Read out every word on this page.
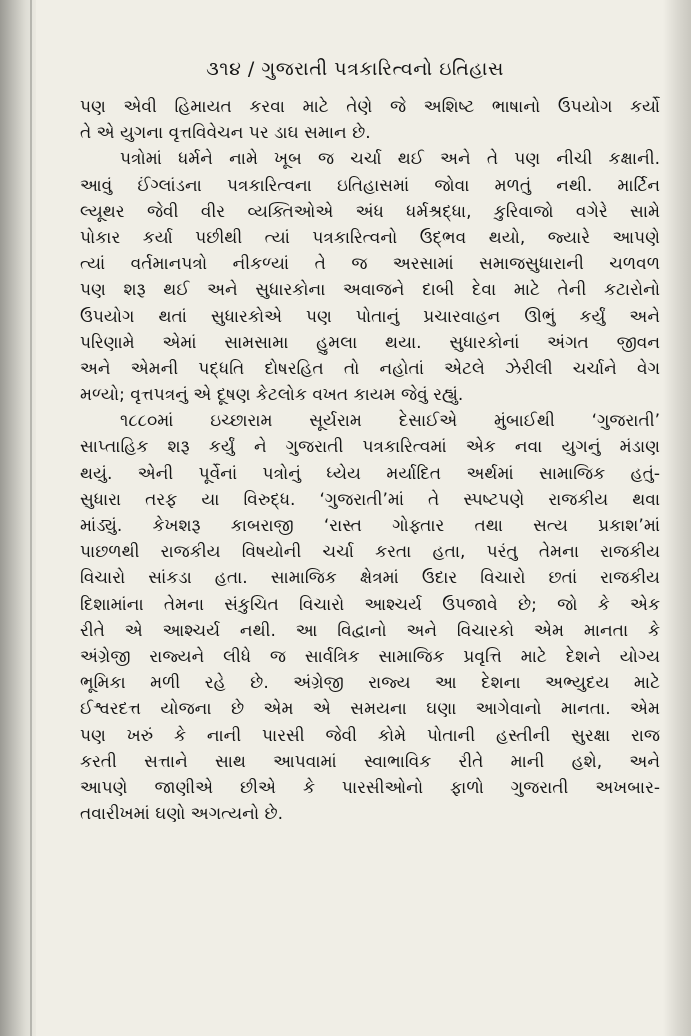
૩૧૪ / ગુજરાતી પત્રકારિત્વનો ઇતિહાસ
પણ એવી હિમાયત કરવા માટે તેણે જે અશિષ્ટ ભાષાનો ઉપયોગ કર્યો
તે એ યુગના વૃત્તવિવેચન પર ડાઘ સમાન છે.
પત્રોમાં ધર્મને નામે ખૂબ જ ચર્ચા થઈ અને તે પણ નીચી કક્ષાની.
આવું ઈંગ્લાંડના પત્રકારિત્વના ઇતિહાસમાં જોવા મળતું નથી. માર્ટિન
લ્યૂથર જેવી વીર વ્યક્તિઓએ અંધ ધર્મશ્રદ્ધા, કુરિવાજો વગેરે સામે
પોકાર કર્યા પછીથી ત્યાં પત્રકારિત્વનો ઉદ્ભવ થયો, જ્યારે આપણે
ત્યાં વર્તમાનપત્રો નીકળ્યાં તે જ અરસામાં સમાજસુધારાની ચળવળ
પણ શરૂ થઈ અને સુધારકોના અવાજને દાબી દેવા માટે તેની કટારોનો
ઉપયોગ થતાં સુધારકોએ પણ પોતાનું પ્રચારવાહન ઊભું કર્યું અને
પરિણામે એમાં સામસામા હુમલા થયા. સુધારકોનાં અંગત જીવન
અને એમની પદ્ધતિ દોષરહિત તો નહોતાં એટલે ઝેરીલી ચર્ચાને વેગ
મળ્યો; વૃત્તપત્રનું એ દૂષણ કેટલોક વખત કાયમ જેવું રહ્યું.
૧૮૮૦માં ઇચ્છારામ સૂર્યરામ દેસાઈએ મુંબાઈથી ‘ગુજરાતી’
સાપ્તાહિક શરૂ કર્યું ને ગુજરાતી પત્રકારિત્વમાં એક નવા યુગનું મંડાણ
થયું. એની પૂર્વેનાં પત્રોનું ધ્યેય મર્યાદિત અર્થમાં સામાજિક હતું-
સુધારા તરફ યા વિરુદ્ધ. ‘ગુજરાતી’માં તે સ્પષ્ટપણે રાજકીય થવા
માંડ્યું. કેખશરૂ કાબરાજી ‘રાસ્ત ગોફ્તાર તથા સત્ય પ્રકાશ’માં
પાછળથી રાજકીય વિષયોની ચર્ચા કરતા હતા, પરંતુ તેમના રાજકીય
વિચારો સાંકડા હતા. સામાજિક ક્ષેત્રમાં ઉદાર વિચારો છતાં રાજકીય
દિશામાંના તેમના સંકુચિત વિચારો આશ્ચર્ય ઉપજાવે છે; જો કે એક
રીતે એ આશ્ચર્ય નથી. આ વિદ્વાનો અને વિચારકો એમ માનતા કે
અંગ્રેજી રાજ્યને લીધે જ સાર્વત્રિક સામાજિક પ્રવૃત્તિ માટે દેશને યોગ્ય
ભૂમિકા મળી રહે છે. અંગ્રેજી રાજ્ય આ દેશના અભ્યુદય માટે
ઈશ્વરદત્ત યોજના છે એમ એ સમયના ઘણા આગેવાનો માનતા. એમ
પણ ખરું કે નાની પારસી જેવી કોમે પોતાની હસ્તીની સુરક્ષા રાજ
કરતી સત્તાને સાથ આપવામાં સ્વાભાવિક રીતે માની હશે, અને
આપણે જાણીએ છીએ કે પારસીઓનો ફાળો ગુજરાતી અખબાર-
તવારીખમાં ઘણો અગત્યનો છે.
